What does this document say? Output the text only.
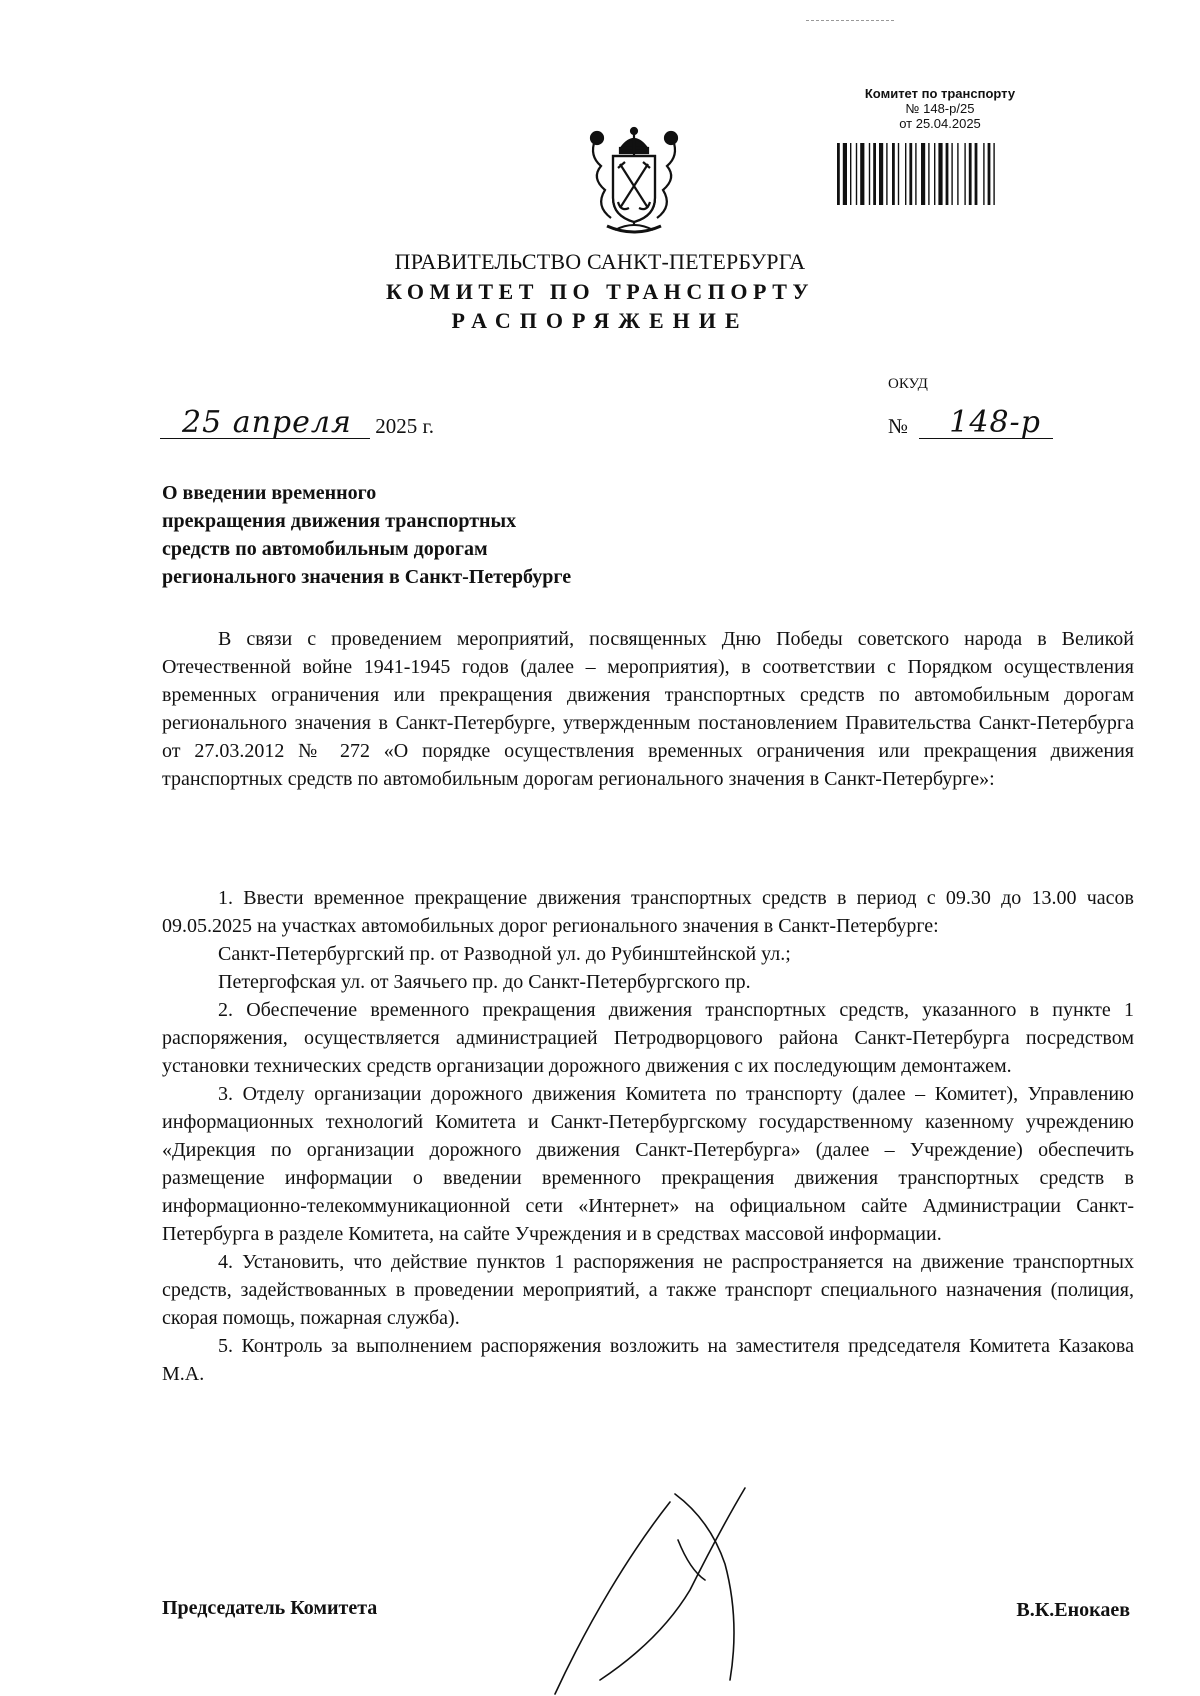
Комитет по транспорту
№ 148-р/25
от 25.04.2025
ПРАВИТЕЛЬСТВО САНКТ-ПЕТЕРБУРГА
КОМИТЕТ ПО ТРАНСПОРТУ
РАСПОРЯЖЕНИЕ
ОКУД
25 апреля 2025 г.	№ 148-р
О введении временного
прекращения движения транспортных
средств по автомобильным дорогам
регионального значения в Санкт-Петербурге

В связи с проведением мероприятий, посвященных Дню Победы советского народа в Великой Отечественной войне 1941-1945 годов (далее – мероприятия), в соответствии с Порядком осуществления временных ограничения или прекращения движения транспортных средств по автомобильным дорогам регионального значения в Санкт-Петербурге, утвержденным постановлением Правительства Санкт-Петербурга от 27.03.2012 № 272 «О порядке осуществления временных ограничения или прекращения движения транспортных средств по автомобильным дорогам регионального значения в Санкт-Петербурге»:

1. Ввести временное прекращение движения транспортных средств в период с 09.30 до 13.00 часов 09.05.2025 на участках автомобильных дорог регионального значения в Санкт-Петербурге:

Санкт-Петербургский пр. от Разводной ул. до Рубинштейнской ул.;

Петергофская ул. от Заячьего пр. до Санкт-Петербургского пр.

2. Обеспечение временного прекращения движения транспортных средств, указанного в пункте 1 распоряжения, осуществляется администрацией Петродворцового района Санкт-Петербурга посредством установки технических средств организации дорожного движения с их последующим демонтажем.

3. Отделу организации дорожного движения Комитета по транспорту (далее – Комитет), Управлению информационных технологий Комитета и Санкт-Петербургскому государственному казенному учреждению «Дирекция по организации дорожного движения Санкт-Петербурга» (далее – Учреждение) обеспечить размещение информации о введении временного прекращения движения транспортных средств в информационно-телекоммуникационной сети «Интернет» на официальном сайте Администрации Санкт-Петербурга в разделе Комитета, на сайте Учреждения и в средствах массовой информации.

4. Установить, что действие пунктов 1 распоряжения не распространяется на движение транспортных средств, задействованных в проведении мероприятий, а также транспорт специального назначения (полиция, скорая помощь, пожарная служба).

5. Контроль за выполнением распоряжения возложить на заместителя председателя Комитета Казакова М.А.

Председатель Комитета	В.К.Енокаев
